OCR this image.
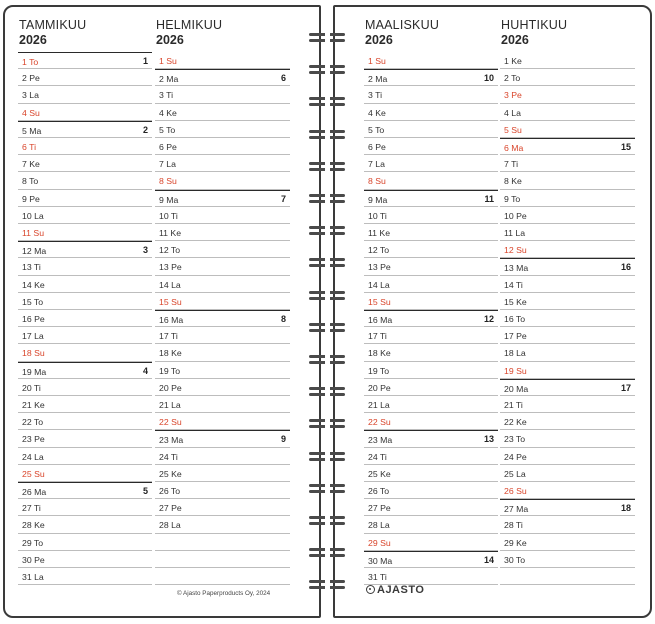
TAMMIKUU
2026
1 To	1
2 Pe
3 La
4 Su
5 Ma	2
6 Ti
7 Ke
8 To
9 Pe
10 La
11 Su
12 Ma	3
13 Ti
14 Ke
15 To
16 Pe
17 La
18 Su
19 Ma	4
20 Ti
21 Ke
22 To
23 Pe
24 La
25 Su
26 Ma	5
27 Ti
28 Ke
29 To
30 Pe
31 La
HELMIKUU
2026
1 Su
2 Ma	6
3 Ti
4 Ke
5 To
6 Pe
7 La
8 Su
9 Ma	7
10 Ti
11 Ke
12 To
13 Pe
14 La
15 Su
16 Ma	8
17 Ti
18 Ke
19 To
20 Pe
21 La
22 Su
23 Ma	9
24 Ti
25 Ke
26 To
27 Pe
28 La
MAALISKUU
2026
1 Su
2 Ma	10
3 Ti
4 Ke
5 To
6 Pe
7 La
8 Su
9 Ma	11
10 Ti
11 Ke
12 To
13 Pe
14 La
15 Su
16 Ma	12
17 Ti
18 Ke
19 To
20 Pe
21 La
22 Su
23 Ma	13
24 Ti
25 Ke
26 To
27 Pe
28 La
29 Su
30 Ma	14
31 Ti
HUHTIKUU
2026
1 Ke
2 To
3 Pe
4 La
5 Su
6 Ma	15
7 Ti
8 Ke
9 To
10 Pe
11 La
12 Su
13 Ma	16
14 Ti
15 Ke
16 To
17 Pe
18 La
19 Su
20 Ma	17
21 Ti
22 Ke
23 To
24 Pe
25 La
26 Su
27 Ma	18
28 Ti
29 Ke
30 To
© Ajasto Paperproducts Oy, 2024	AJASTO
